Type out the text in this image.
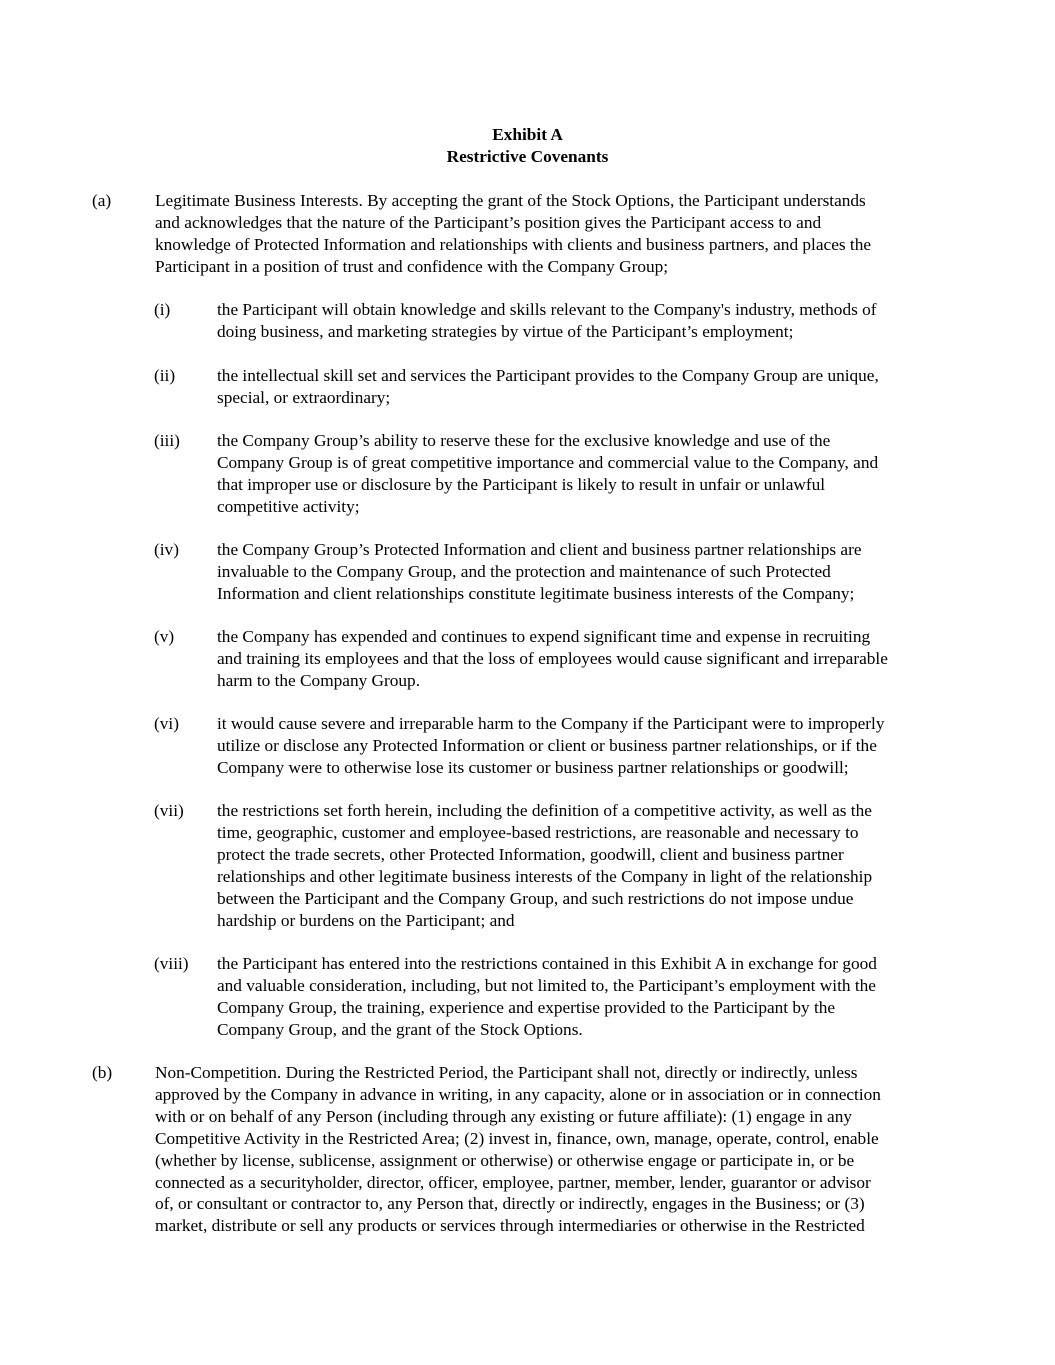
Exhibit A
Restrictive Covenants
(a)	Legitimate Business Interests. By accepting the grant of the Stock Options, the Participant understands
and acknowledges that the nature of the Participant’s position gives the Participant access to and
knowledge of Protected Information and relationships with clients and business partners, and places the
Participant in a position of trust and confidence with the Company Group;
(i)	the Participant will obtain knowledge and skills relevant to the Company's industry, methods of
doing business, and marketing strategies by virtue of the Participant’s employment;
(ii) the intellectual skill set and services the Participant provides to the Company Group are unique,
special, or extraordinary;
(iii) the Company Group’s ability to reserve these for the exclusive knowledge and use of the
Company Group is of great competitive importance and commercial value to the Company, and
that improper use or disclosure by the Participant is likely to result in unfair or unlawful
competitive activity;
(iv) the Company Group’s Protected Information and client and business partner relationships are
invaluable to the Company Group, and the protection and maintenance of such Protected
Information and client relationships constitute legitimate business interests of the Company;
(v) the Company has expended and continues to expend significant time and expense in recruiting
and training its employees and that the loss of employees would cause significant and irreparable
harm to the Company Group.
(vi) it would cause severe and irreparable harm to the Company if the Participant were to improperly
utilize or disclose any Protected Information or client or business partner relationships, or if the
Company were to otherwise lose its customer or business partner relationships or goodwill;
(vii) the restrictions set forth herein, including the definition of a competitive activity, as well as the
time, geographic, customer and employee-based restrictions, are reasonable and necessary to
protect the trade secrets, other Protected Information, goodwill, client and business partner
relationships and other legitimate business interests of the Company in light of the relationship
between the Participant and the Company Group, and such restrictions do not impose undue
hardship or burdens on the Participant; and
(viii) the Participant has entered into the restrictions contained in this Exhibit A in exchange for good
and valuable consideration, including, but not limited to, the Participant’s employment with the
Company Group, the training, experience and expertise provided to the Participant by the
Company Group, and the grant of the Stock Options.
(b) Non-Competition. During the Restricted Period, the Participant shall not, directly or indirectly, unless
approved by the Company in advance in writing, in any capacity, alone or in association or in connection
with or on behalf of any Person (including through any existing or future affiliate): (1) engage in any
Competitive Activity in the Restricted Area; (2) invest in, finance, own, manage, operate, control, enable
(whether by license, sublicense, assignment or otherwise) or otherwise engage or participate in, or be
connected as a securityholder, director, officer, employee, partner, member, lender, guarantor or advisor
of, or consultant or contractor to, any Person that, directly or indirectly, engages in the Business; or (3)
market, distribute or sell any products or services through intermediaries or otherwise in the Restricted
